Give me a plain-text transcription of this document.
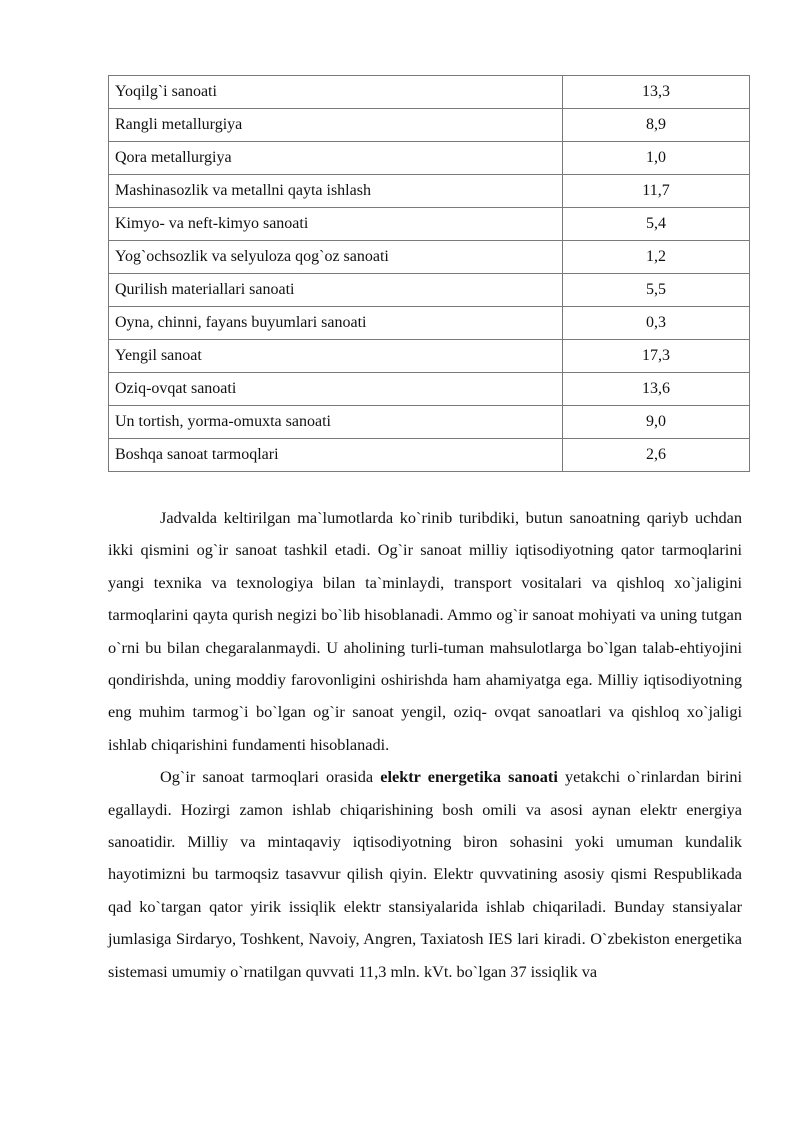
Yoqilg`i sanoati	13,3
Rangli metallurgiya	8,9
Qora metallurgiya	1,0
Mashinasozlik va metallni qayta ishlash	11,7
Kimyo- va neft-kimyo sanoati	5,4
Yog`ochsozlik va selyuloza qog`oz sanoati	1,2
Qurilish materiallari sanoati	5,5
Oyna, chinni, fayans buyumlari sanoati	0,3
Yengil sanoat	17,3
Oziq-ovqat sanoati	13,6
Un tortish, yorma-omuxta sanoati	9,0
Boshqa sanoat tarmoqlari	2,6

Jadvalda keltirilgan ma`lumotlarda ko`rinib turibdiki, butun sanoatning qariyb uchdan ikki qismini og`ir sanoat tashkil etadi. Og`ir sanoat milliy iqtisodiyotning qator tarmoqlarini yangi texnika va texnologiya bilan ta`minlaydi, transport vositalari va qishloq xo`jaligini tarmoqlarini qayta qurish negizi bo`lib hisoblanadi. Ammo og`ir sanoat mohiyati va uning tutgan o`rni bu bilan chegaralanmaydi. U aholining turli-tuman mahsulotlarga bo`lgan talab-ehtiyojini qondirishda, uning moddiy farovonligini oshirishda ham ahamiyatga ega. Milliy iqtisodiyotning eng muhim tarmog`i bo`lgan og`ir sanoat yengil, oziq- ovqat sanoatlari va qishloq xo`jaligi ishlab chiqarishini fundamenti hisoblanadi.

Og`ir sanoat tarmoqlari orasida elektr energetika sanoati yetakchi o`rinlardan birini egallaydi. Hozirgi zamon ishlab chiqarishining bosh omili va asosi aynan elektr energiya sanoatidir. Milliy va mintaqaviy iqtisodiyotning biron sohasini yoki umuman kundalik hayotimizni bu tarmoqsiz tasavvur qilish qiyin. Elektr quvvatining asosiy qismi Respublikada qad ko`targan qator yirik issiqlik elektr stansiyalarida ishlab chiqariladi. Bunday stansiyalar jumlasiga Sirdaryo, Toshkent, Navoiy, Angren, Taxiatosh IES lari kiradi. O`zbekiston energetika sistemasi umumiy o`rnatilgan quvvati 11,3 mln. kVt. bo`lgan 37 issiqlik va
